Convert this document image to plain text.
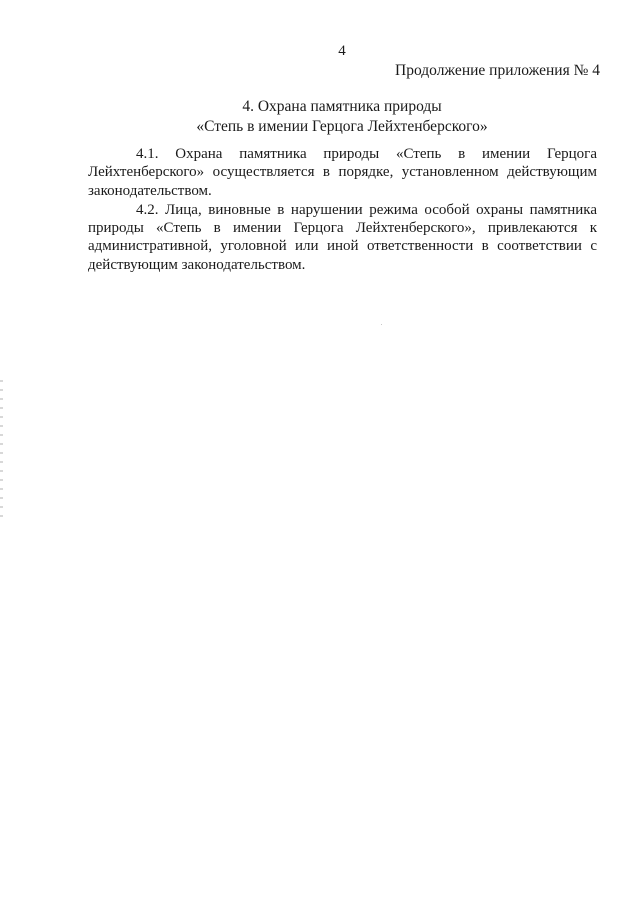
4
Продолжение приложения № 4
4. Охрана памятника природы
«Степь в имении Герцога Лейхтенберского»

4.1. Охрана памятника природы «Степь в имении Герцога Лейхтенберского» осуществляется в порядке, установленном действующим законодательством.

4.2. Лица, виновные в нарушении режима особой охраны памятника природы «Степь в имении Герцога Лейхтенберского», привлекаются к административной, уголовной или иной ответственности в соответствии с действующим законодательством.
